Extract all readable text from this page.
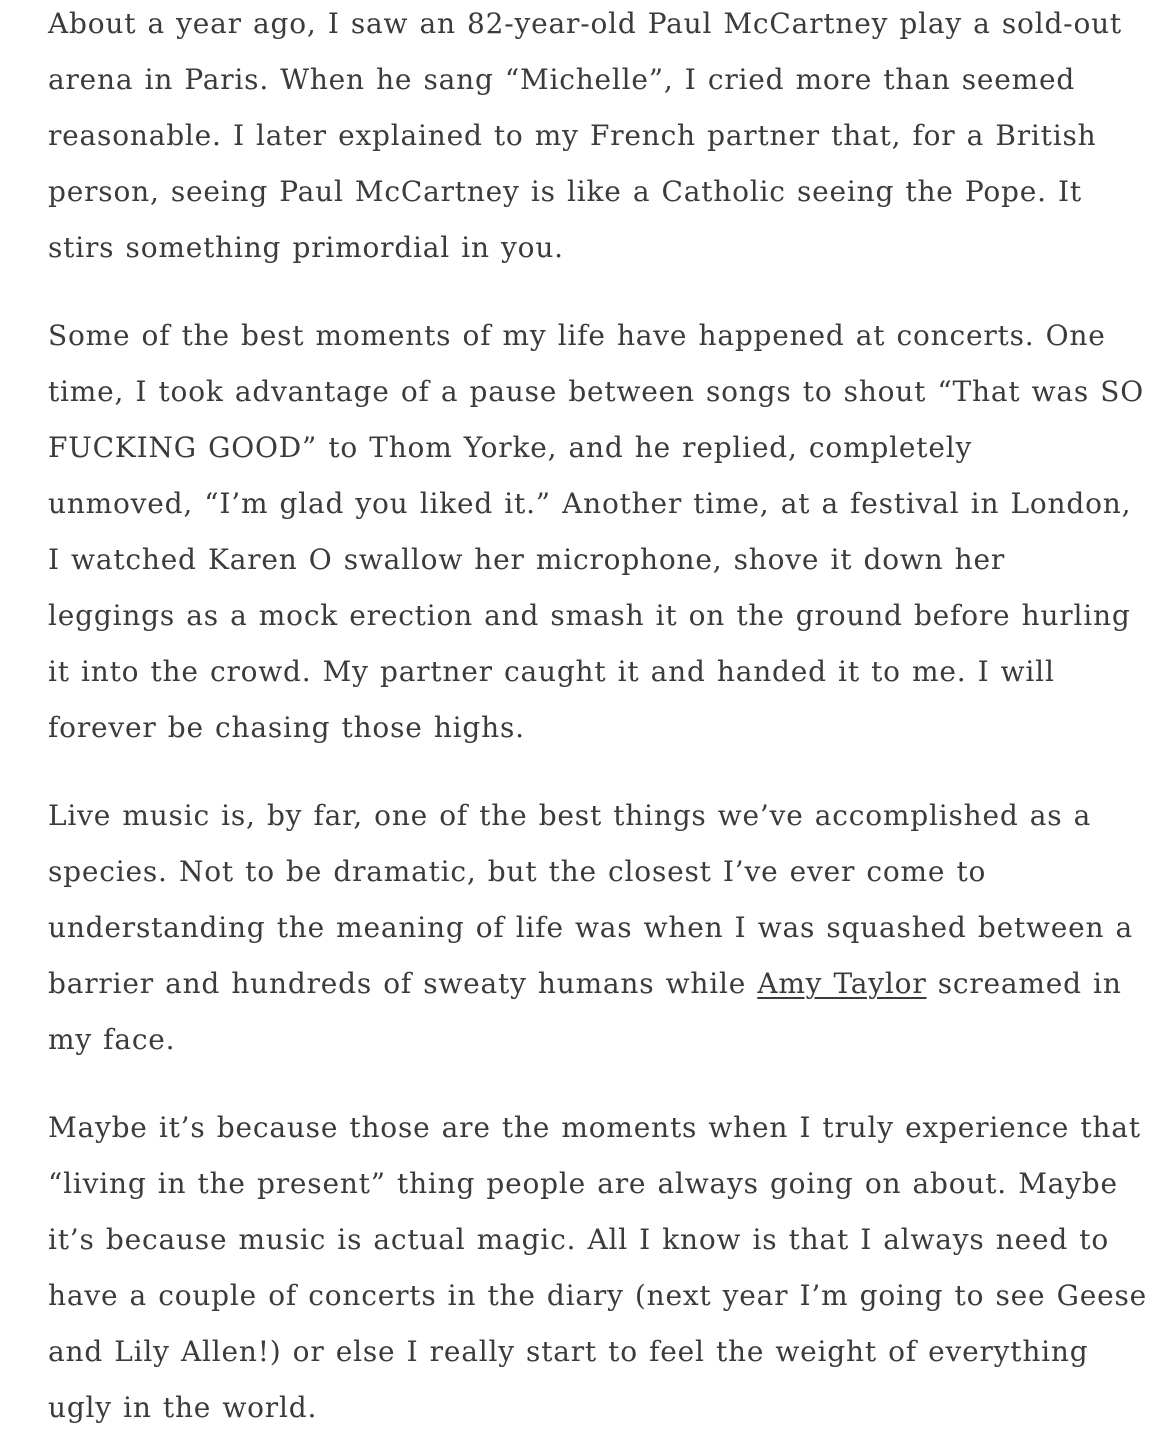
About a year ago, I saw an 82-year-old Paul McCartney play a sold-out
arena in Paris. When he sang “Michelle”, I cried more than seemed
reasonable. I later explained to my French partner that, for a British
person, seeing Paul McCartney is like a Catholic seeing the Pope. It
stirs something primordial in you.

Some of the best moments of my life have happened at concerts. One
time, I took advantage of a pause between songs to shout “That was SO
FUCKING GOOD” to Thom Yorke, and he replied, completely
unmoved, “I’m glad you liked it.” Another time, at a festival in London,
I watched Karen O swallow her microphone, shove it down her
leggings as a mock erection and smash it on the ground before hurling
it into the crowd. My partner caught it and handed it to me. I will
forever be chasing those highs.

Live music is, by far, one of the best things we’ve accomplished as a
species. Not to be dramatic, but the closest I’ve ever come to
understanding the meaning of life was when I was squashed between a
barrier and hundreds of sweaty humans while Amy Taylor screamed in
my face.

Maybe it’s because those are the moments when I truly experience that
“living in the present” thing people are always going on about. Maybe
it’s because music is actual magic. All I know is that I always need to
have a couple of concerts in the diary (next year I’m going to see Geese
and Lily Allen!) or else I really start to feel the weight of everything
ugly in the world.
